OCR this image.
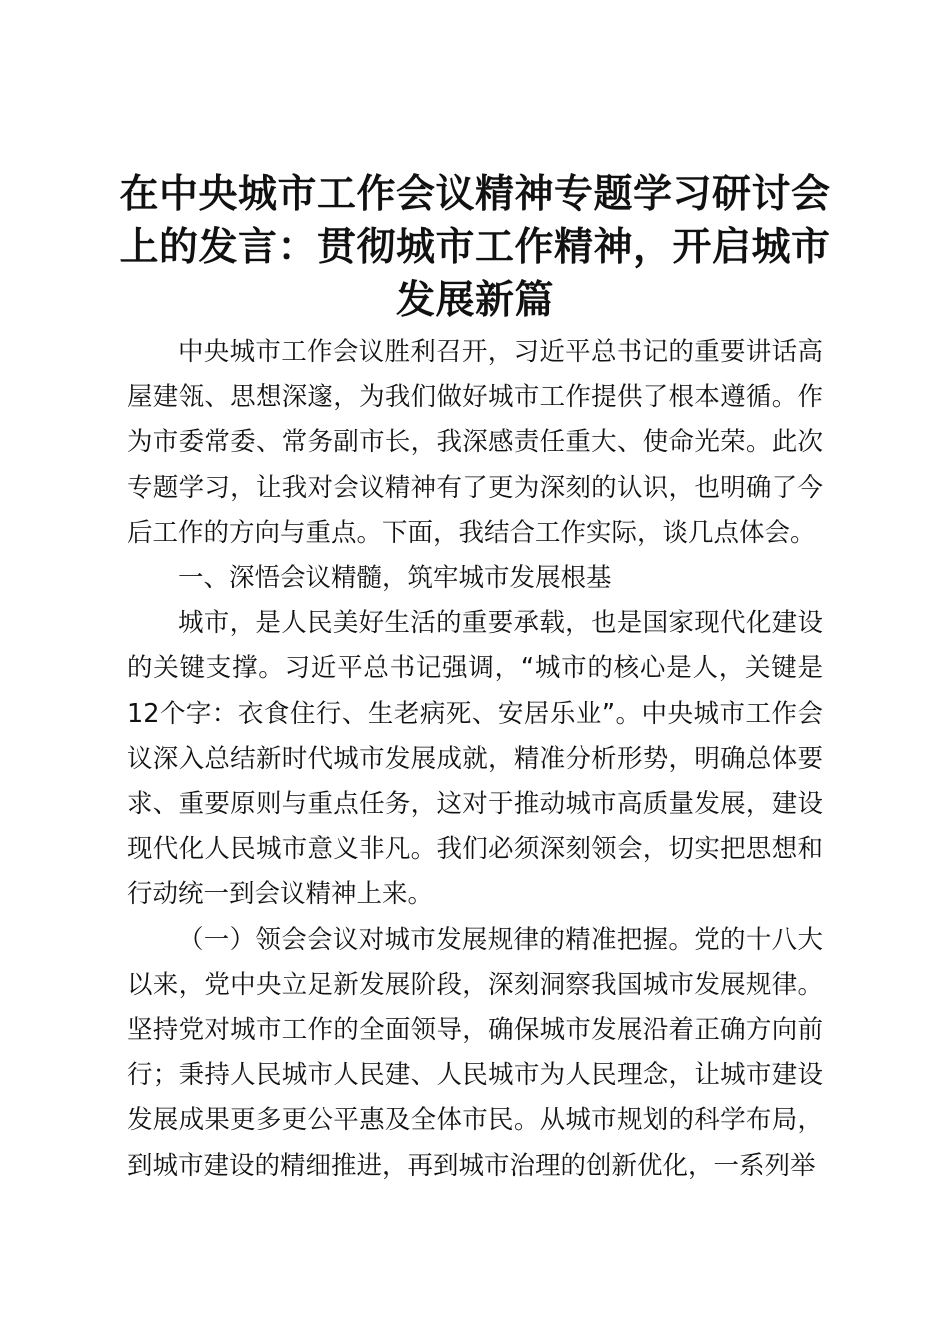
在中央城市工作会议精神专题学习研讨会上的发言：贯彻城市工作精神，开启城市发展新篇

中央城市工作会议胜利召开，习近平总书记的重要讲话高屋建瓴、思想深邃，为我们做好城市工作提供了根本遵循。作为市委常委、常务副市长，我深感责任重大、使命光荣。此次专题学习，让我对会议精神有了更为深刻的认识，也明确了今后工作的方向与重点。下面，我结合工作实际，谈几点体会。

一、深悟会议精髓，筑牢城市发展根基

城市，是人民美好生活的重要承载，也是国家现代化建设的关键支撑。习近平总书记强调，“城市的核心是人，关键是12个字：衣食住行、生老病死、安居乐业”。中央城市工作会议深入总结新时代城市发展成就，精准分析形势，明确总体要求、重要原则与重点任务，这对于推动城市高质量发展，建设现代化人民城市意义非凡。我们必须深刻领会，切实把思想和行动统一到会议精神上来。

（一）领会会议对城市发展规律的精准把握。党的十八大以来，党中央立足新发展阶段，深刻洞察我国城市发展规律。坚持党对城市工作的全面领导，确保城市发展沿着正确方向前行；秉持人民城市人民建、人民城市为人民理念，让城市建设发展成果更多更公平惠及全体市民。从城市规划的科学布局，到城市建设的精细推进，再到城市治理的创新优化，一系列举
